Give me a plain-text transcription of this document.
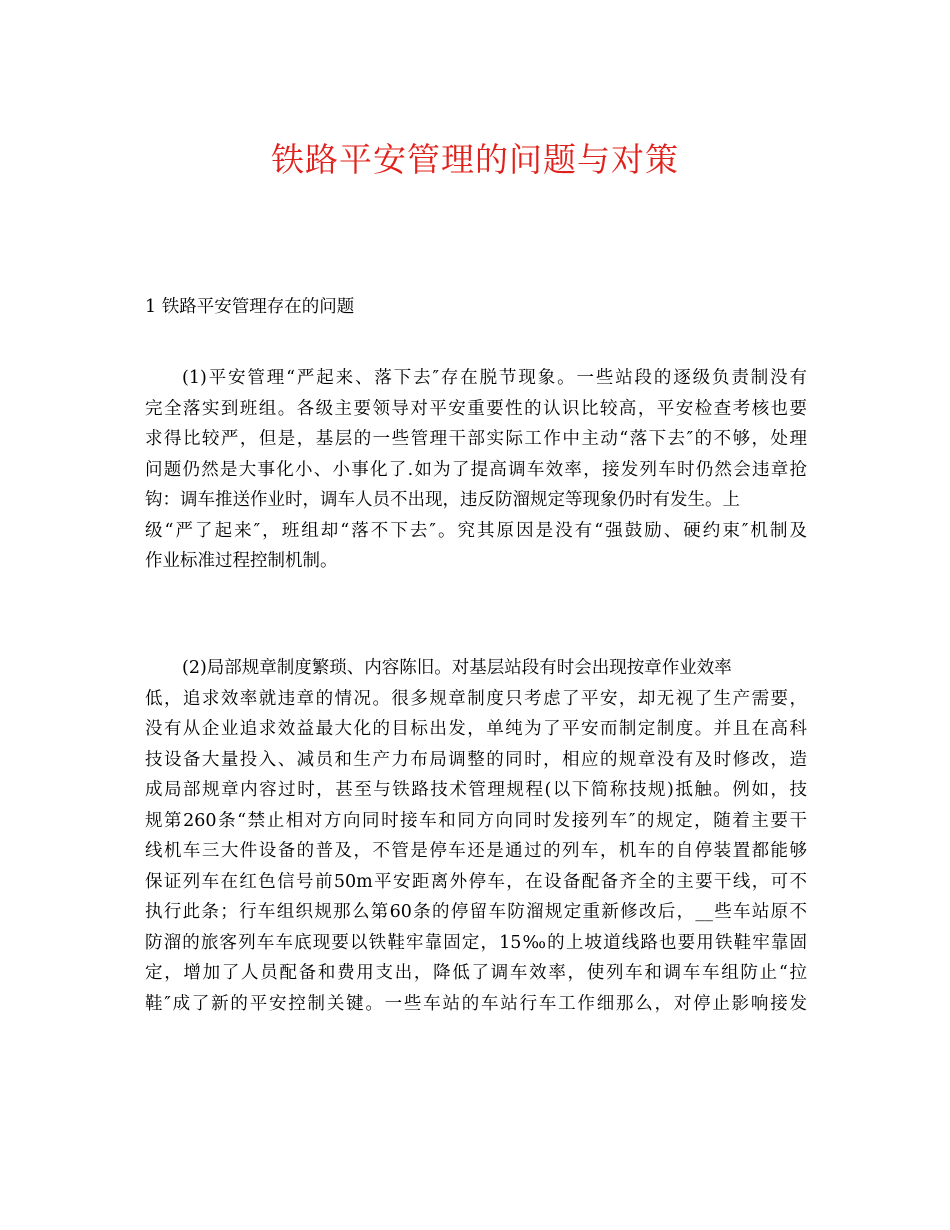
铁路平安管理的问题与对策
1 铁路平安管理存在的问题

(1)平安管理“严起来、落下去″存在脱节现象。一些站段的逐级负责制没有
完全落实到班组。各级主要领导对平安重要性的认识比较高，平安检查考核也要
求得比较严，但是，基层的一些管理干部实际工作中主动“落下去″的不够，处理
问题仍然是大事化小、小事化了.如为了提高调车效率，接发列车时仍然会违章抢
钩：调车推送作业时，调车人员不出现，违反防溜规定等现象仍时有发生。上
级“严了起来″，班组却“落不下去″。究其原因是没有“强鼓励、硬约束″机制及
作业标准过程控制机制。

(2)局部规章制度繁琐、内容陈旧。对基层站段有时会出现按章作业效率
低，追求效率就违章的情况。很多规章制度只考虑了平安，却无视了生产需要，
没有从企业追求效益最大化的目标出发，单纯为了平安而制定制度。并且在高科
技设备大量投入、减员和生产力布局调整的同时，相应的规章没有及时修改，造
成局部规章内容过时，甚至与铁路技术管理规程(以下简称技规)抵触。例如，技
规第260条“禁止相对方向同时接车和同方向同时发接列车″的规定，随着主要干
线机车三大件设备的普及，不管是停车还是通过的列车，机车的自停装置都能够
保证列车在红色信号前50m平安距离外停车，在设备配备齐全的主要干线，可不
执行此条；行车组织规那么第60条的停留车防溜规定重新修改后，__些车站原不
防溜的旅客列车车底现要以铁鞋牢靠固定，15‰的上坡道线路也要用铁鞋牢靠固
定，增加了人员配备和费用支出，降低了调车效率，使列车和调车车组防止“拉
鞋″成了新的平安控制关键。一些车站的车站行车工作细那么，对停止影响接发
